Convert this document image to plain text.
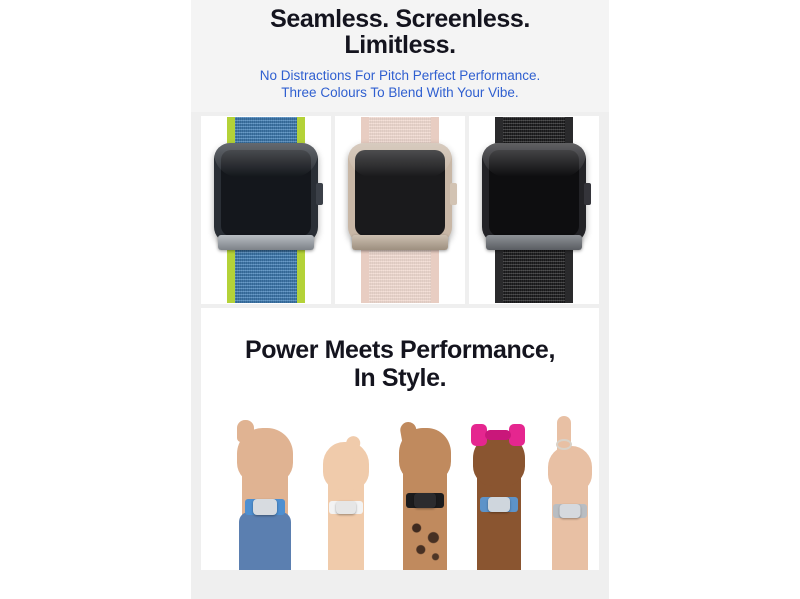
Seamless. Screenless.
Limitless.
No Distractions For Pitch Perfect Performance.
Three Colours To Blend With Your Vibe.
Power Meets Performance,
In Style.
